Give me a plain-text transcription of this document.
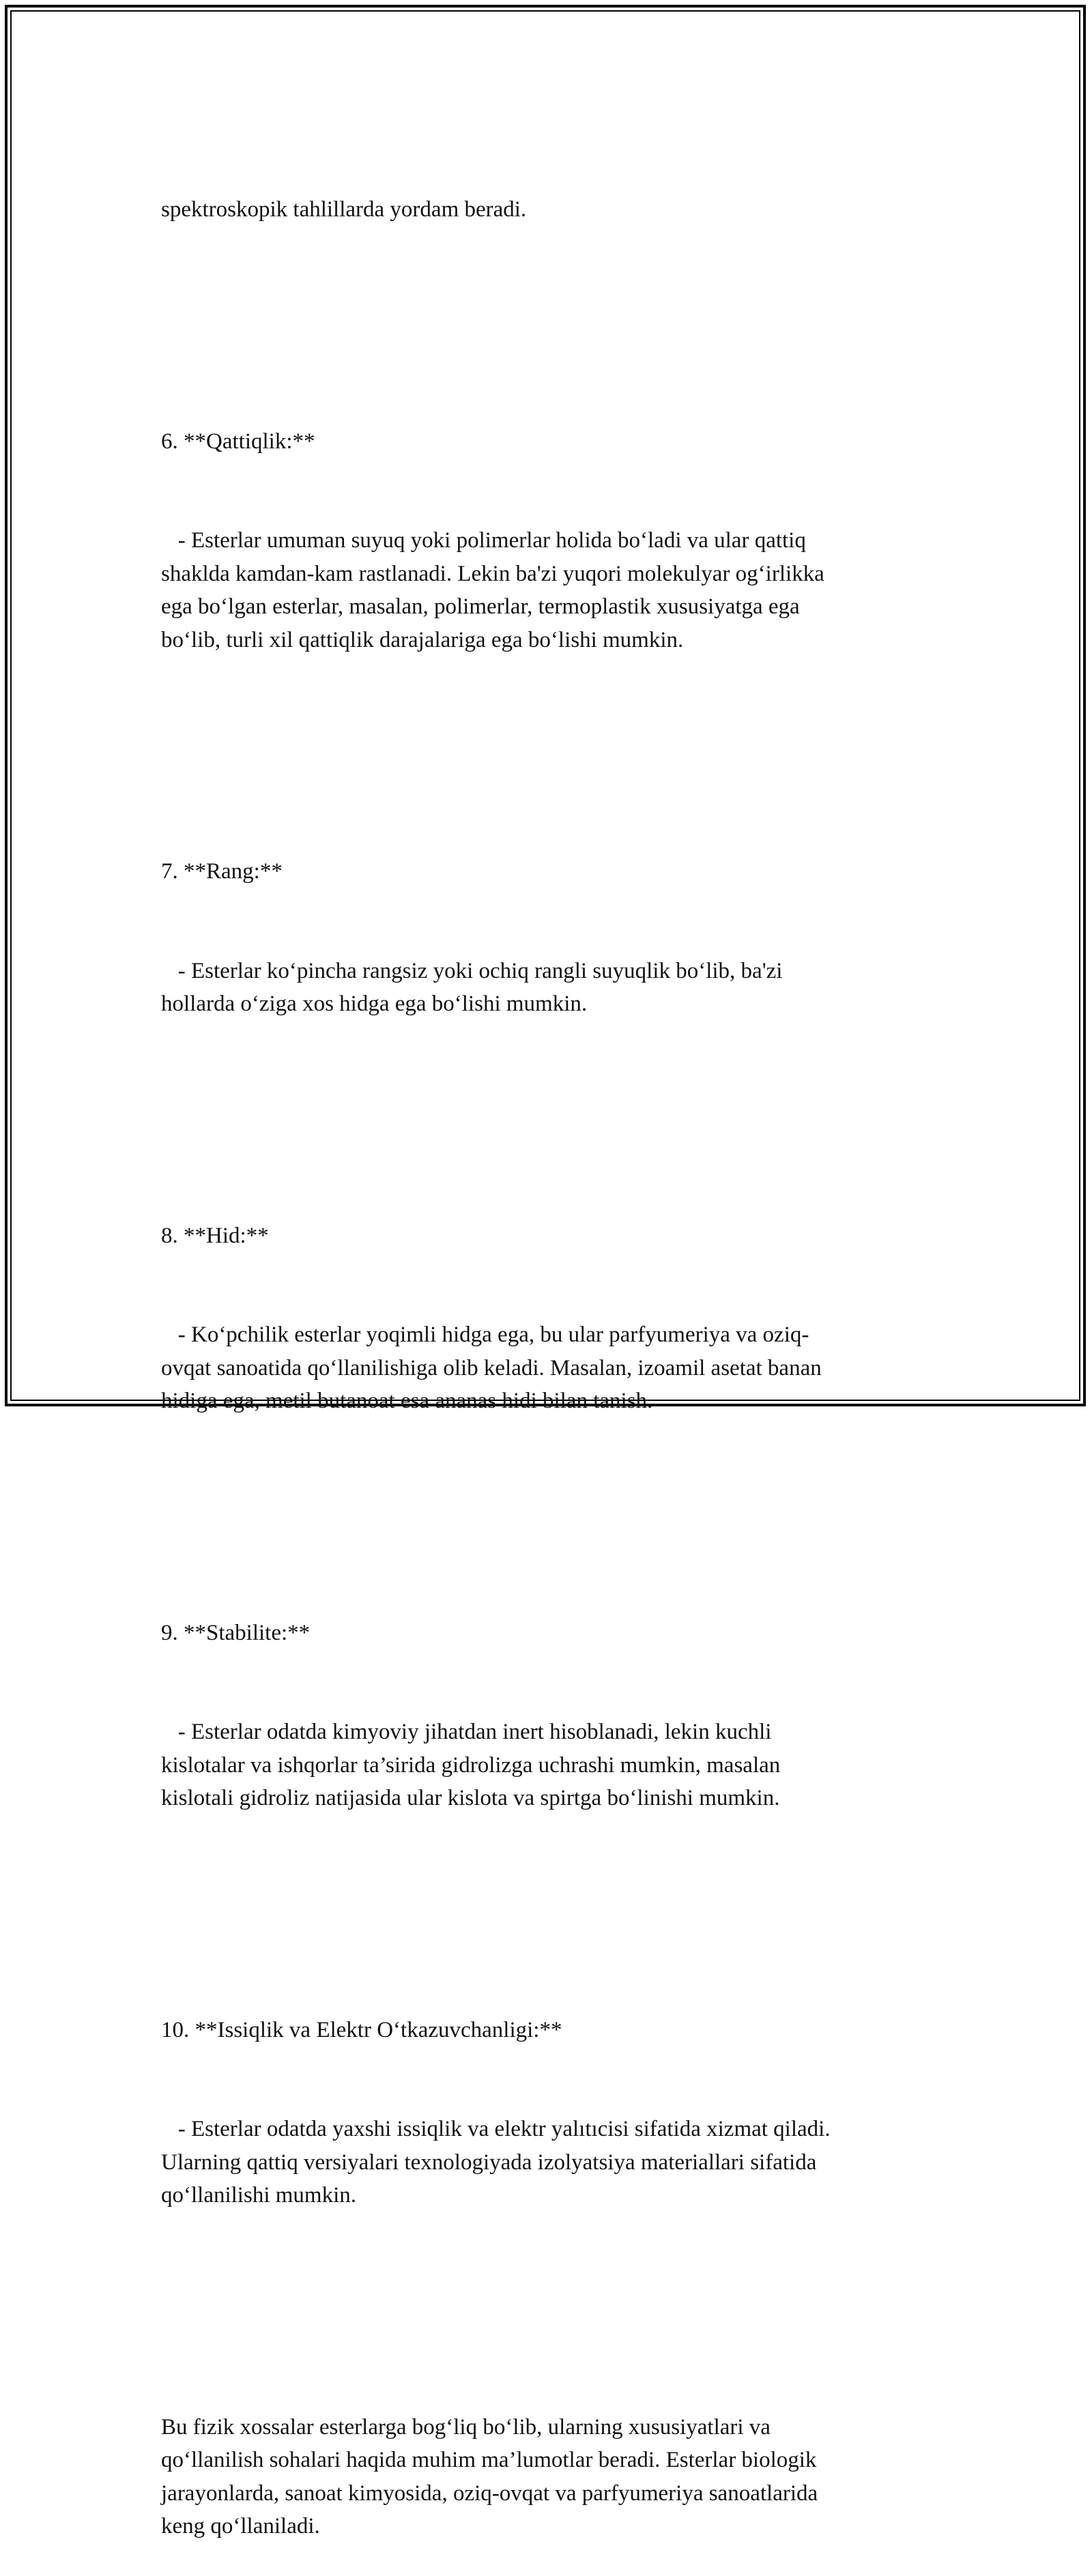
spektroskopik tahlillarda yordam beradi.

6. **Qattiqlik:**

- Esterlar umuman suyuq yoki polimerlar holida bo‘ladi va ular qattiq
shaklda kamdan-kam rastlanadi. Lekin ba'zi yuqori molekulyar og‘irlikka
ega bo‘lgan esterlar, masalan, polimerlar, termoplastik xususiyatga ega
bo‘lib, turli xil qattiqlik darajalariga ega bo‘lishi mumkin.

7. **Rang:**

- Esterlar ko‘pincha rangsiz yoki ochiq rangli suyuqlik bo‘lib, ba'zi
hollarda o‘ziga xos hidga ega bo‘lishi mumkin.

8. **Hid:**

- Ko‘pchilik esterlar yoqimli hidga ega, bu ular parfyumeriya va oziq-
ovqat sanoatida qo‘llanilishiga olib keladi. Masalan, izoamil asetat banan
hidiga ega, metil butanoat esa ananas hidi bilan tanish.

9. **Stabilite:**

- Esterlar odatda kimyoviy jihatdan inert hisoblanadi, lekin kuchli
kislotalar va ishqorlar ta’sirida gidrolizga uchrashi mumkin, masalan
kislotali gidroliz natijasida ular kislota va spirtga bo‘linishi mumkin.

10. **Issiqlik va Elektr O‘tkazuvchanligi:**

- Esterlar odatda yaxshi issiqlik va elektr yalıtıcisi sifatida xizmat qiladi.
Ularning qattiq versiyalari texnologiyada izolyatsiya materiallari sifatida
qo‘llanilishi mumkin.

Bu fizik xossalar esterlarga bog‘liq bo‘lib, ularning xususiyatlari va
qo‘llanilish sohalari haqida muhim ma’lumotlar beradi. Esterlar biologik
jarayonlarda, sanoat kimyosida, oziq-ovqat va parfyumeriya sanoatlarida
keng qo‘llaniladi.
